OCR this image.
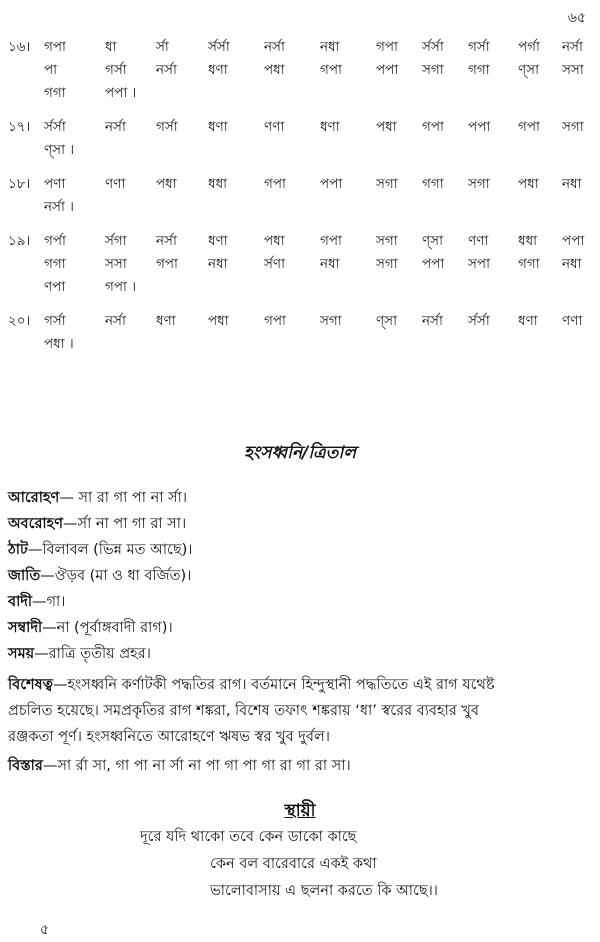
৬৫
১৬। গপা	ধা	র্সা	র্সর্সা	নর্সা	নধা	গপা র্সর্সা গর্সা পর্গা নর্সা
পা	গর্সা নর্সা ধণা	পধা	গপা	পপা সগা গগা ণ্সা সসা
গগা	পপা ।
১৭। র্সর্সা	নর্সা গর্সা ধণা	ণণা	ধণা	পধা গপা পপা গপা সগা
ণ্সা ।
১৮। পণা	ণণা পধা ধধা	গপা	পপা	সগা গগা সগা পধা নধা
নর্সা ।
১৯। গর্পা	র্সগা নর্সা ধণা	পধা	গপা	সগা ণ্সা ণণা ধধা পপা
গগা	সসা গপা নধা	র্সণা	নধা	সগা পপা সপা গগা নধা
ণপা	গপা ।
২০। গর্সা	নর্সা ধণা পধা	গপা	সগা	ণ্সা নর্সা র্সর্সা ধণা ণণা
পধা ।
হংসধ্বনি/ত্রিতাল
আরোহণ— সা রা গা পা না র্সা।
অবরোহণ—র্সা না পা গা রা সা।
ঠাট—বিলাবল (ভিন্ন মত আছে)।
জাতি—ঔড়ব (মা ও ধা বর্জিত)।
বাদী—গা।
সম্বাদী—না (পূর্বাঙ্গবাদী রাগ)।
সময়—রাত্রি তৃতীয় প্রহর।
বিশেষত্ব—হংসধ্বনি কর্ণাটকী পদ্ধতির রাগ। বর্তমানে হিন্দুস্থানী পদ্ধতিতে এই রাগ যথেষ্ট
প্রচলিত হয়েছে। সমপ্রকৃতির রাগ শঙ্করা, বিশেষ তফাৎ শঙ্করায় ‘ধা’ স্বরের ব্যবহার খুব
রঞ্জকতা পূর্ণ। হংসধ্বনিতে আরোহণে ঋষভ স্বর খুব দুর্বল।
বিস্তার—সা র্রা সা, গা পা না র্সা না পা গা পা গা রা গা রা সা।
স্থায়ী
দূরে যদি থাকো তবে কেন ডাকো কাছে
কেন বল বারেবারে একই কথা
ভালোবাসায় এ ছলনা করতে কি আছে।।
৫
